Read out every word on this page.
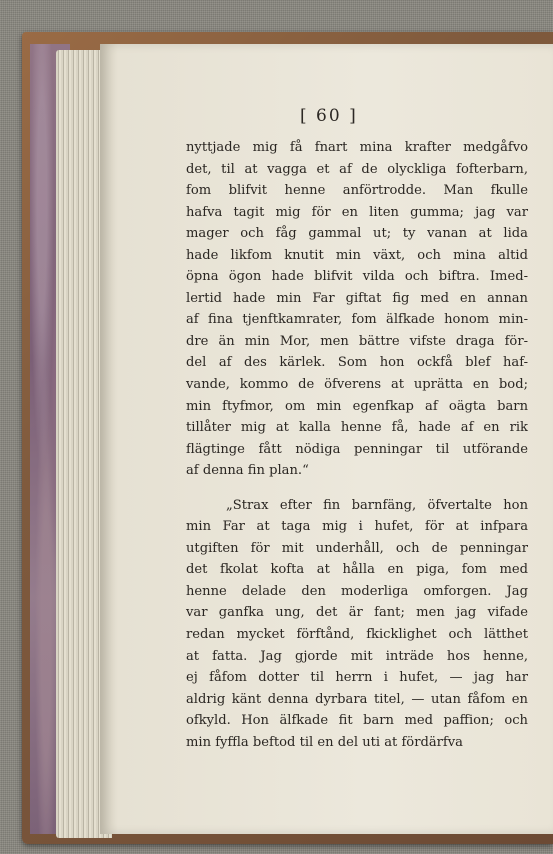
[ 60 ]
nyttjade mig få fnart mina krafter medgåfvo
det, til at vagga et af de olyckliga fofterbarn,
fom blifvit henne anförtrodde. Man fkulle
hafva tagit mig för en liten gumma; jag var
mager och fåg gammal ut; ty vanan at lida
hade likfom knutit min växt, och mina altid
öpna ögon hade blifvit vilda och biftra. Imed-
lertid hade min Far giftat fig med en annan
af fina tjenftkamrater, fom älfkade honom min-
dre än min Mor, men bättre vifste draga för-
del af des kärlek. Som hon ockfå blef haf-
vande, kommo de öfverens at uprätta en bod;
min ftyfmor, om min egenfkap af oägta barn
tillåter mig at kalla henne få, hade af en rik
flägtinge fått nödiga penningar til utförande
af denna fin plan.“
„Strax efter fin barnfäng, öfvertalte hon
min Far at taga mig i hufet, för at infpara
utgiften för mit underhåll, och de penningar
det fkolat kofta at hålla en piga, fom med
henne delade den moderliga omforgen. Jag
var ganfka ung, det är fant; men jag vifade
redan mycket förftånd, fkicklighet och lätthet
at fatta. Jag gjorde mit inträde hos henne,
ej fåfom dotter til herrn i hufet, — jag har
aldrig känt denna dyrbara titel, — utan fåfom en
ofkyld. Hon älfkade fit barn med paffion; och
min fyffla beftod til en del uti at fördärfva
